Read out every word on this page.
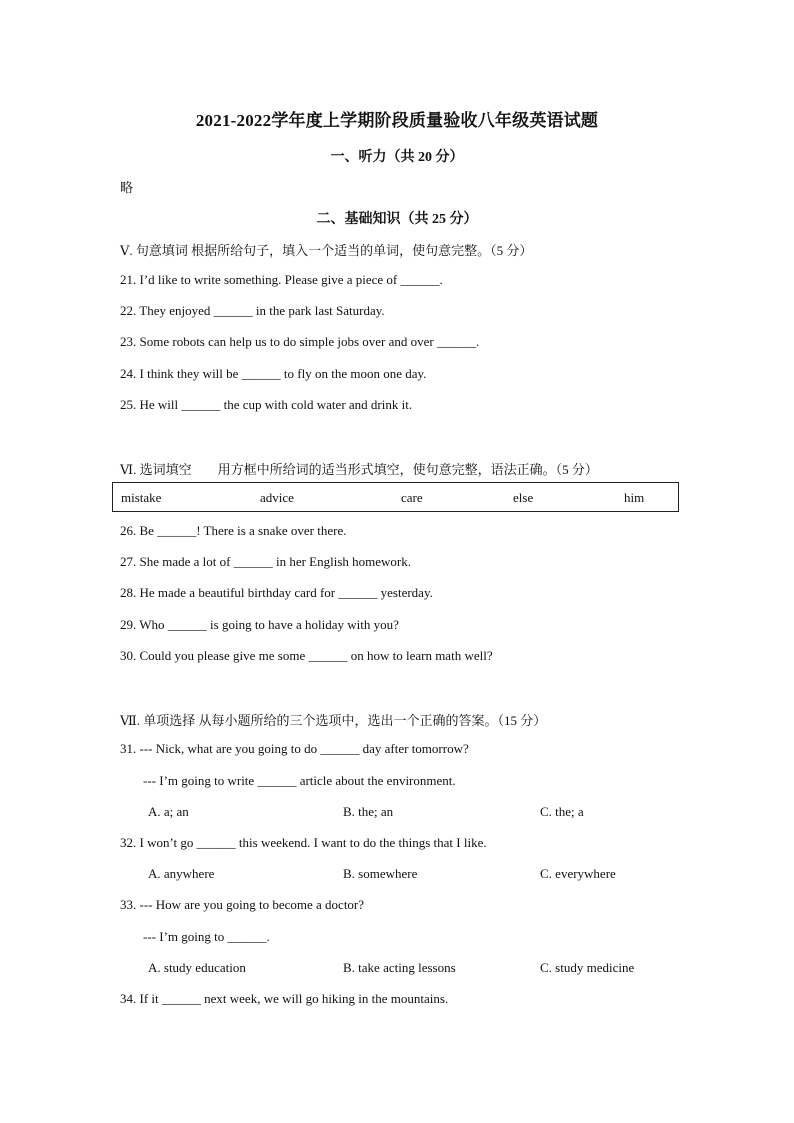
2021-2022学年度上学期阶段质量验收八年级英语试题
一、听力（共 20 分）
略
二、基础知识（共 25 分）
Ⅴ. 句意填词 根据所给句子，填入一个适当的单词，使句意完整。（5 分）
21. I’d like to write something. Please give a piece of ______.
22. They enjoyed ______ in the park last Saturday.
23. Some robots can help us to do simple jobs over and over ______.
24. I think they will be ______ to fly on the moon one day.
25. He will ______ the cup with cold water and drink it.
Ⅵ. 选词填空　　用方框中所给词的适当形式填空，使句意完整，语法正确。（5 分）
mistake	advice	care	else	him
26. Be ______! There is a snake over there.
27. She made a lot of ______ in her English homework.
28. He made a beautiful birthday card for ______ yesterday.
29. Who ______ is going to have a holiday with you?
30. Could you please give me some ______ on how to learn math well?
Ⅶ. 单项选择 从每小题所给的三个选项中，选出一个正确的答案。（15 分）
31. --- Nick, what are you going to do ______ day after tomorrow?
--- I’m going to write ______ article about the environment.
A. a; an	B. the; an	C. the; a
32. I won’t go ______ this weekend. I want to do the things that I like.
A. anywhere	B. somewhere	C. everywhere
33. --- How are you going to become a doctor?
--- I’m going to ______.
A. study education	B. take acting lessons	C. study medicine
34. If it ______ next week, we will go hiking in the mountains.
